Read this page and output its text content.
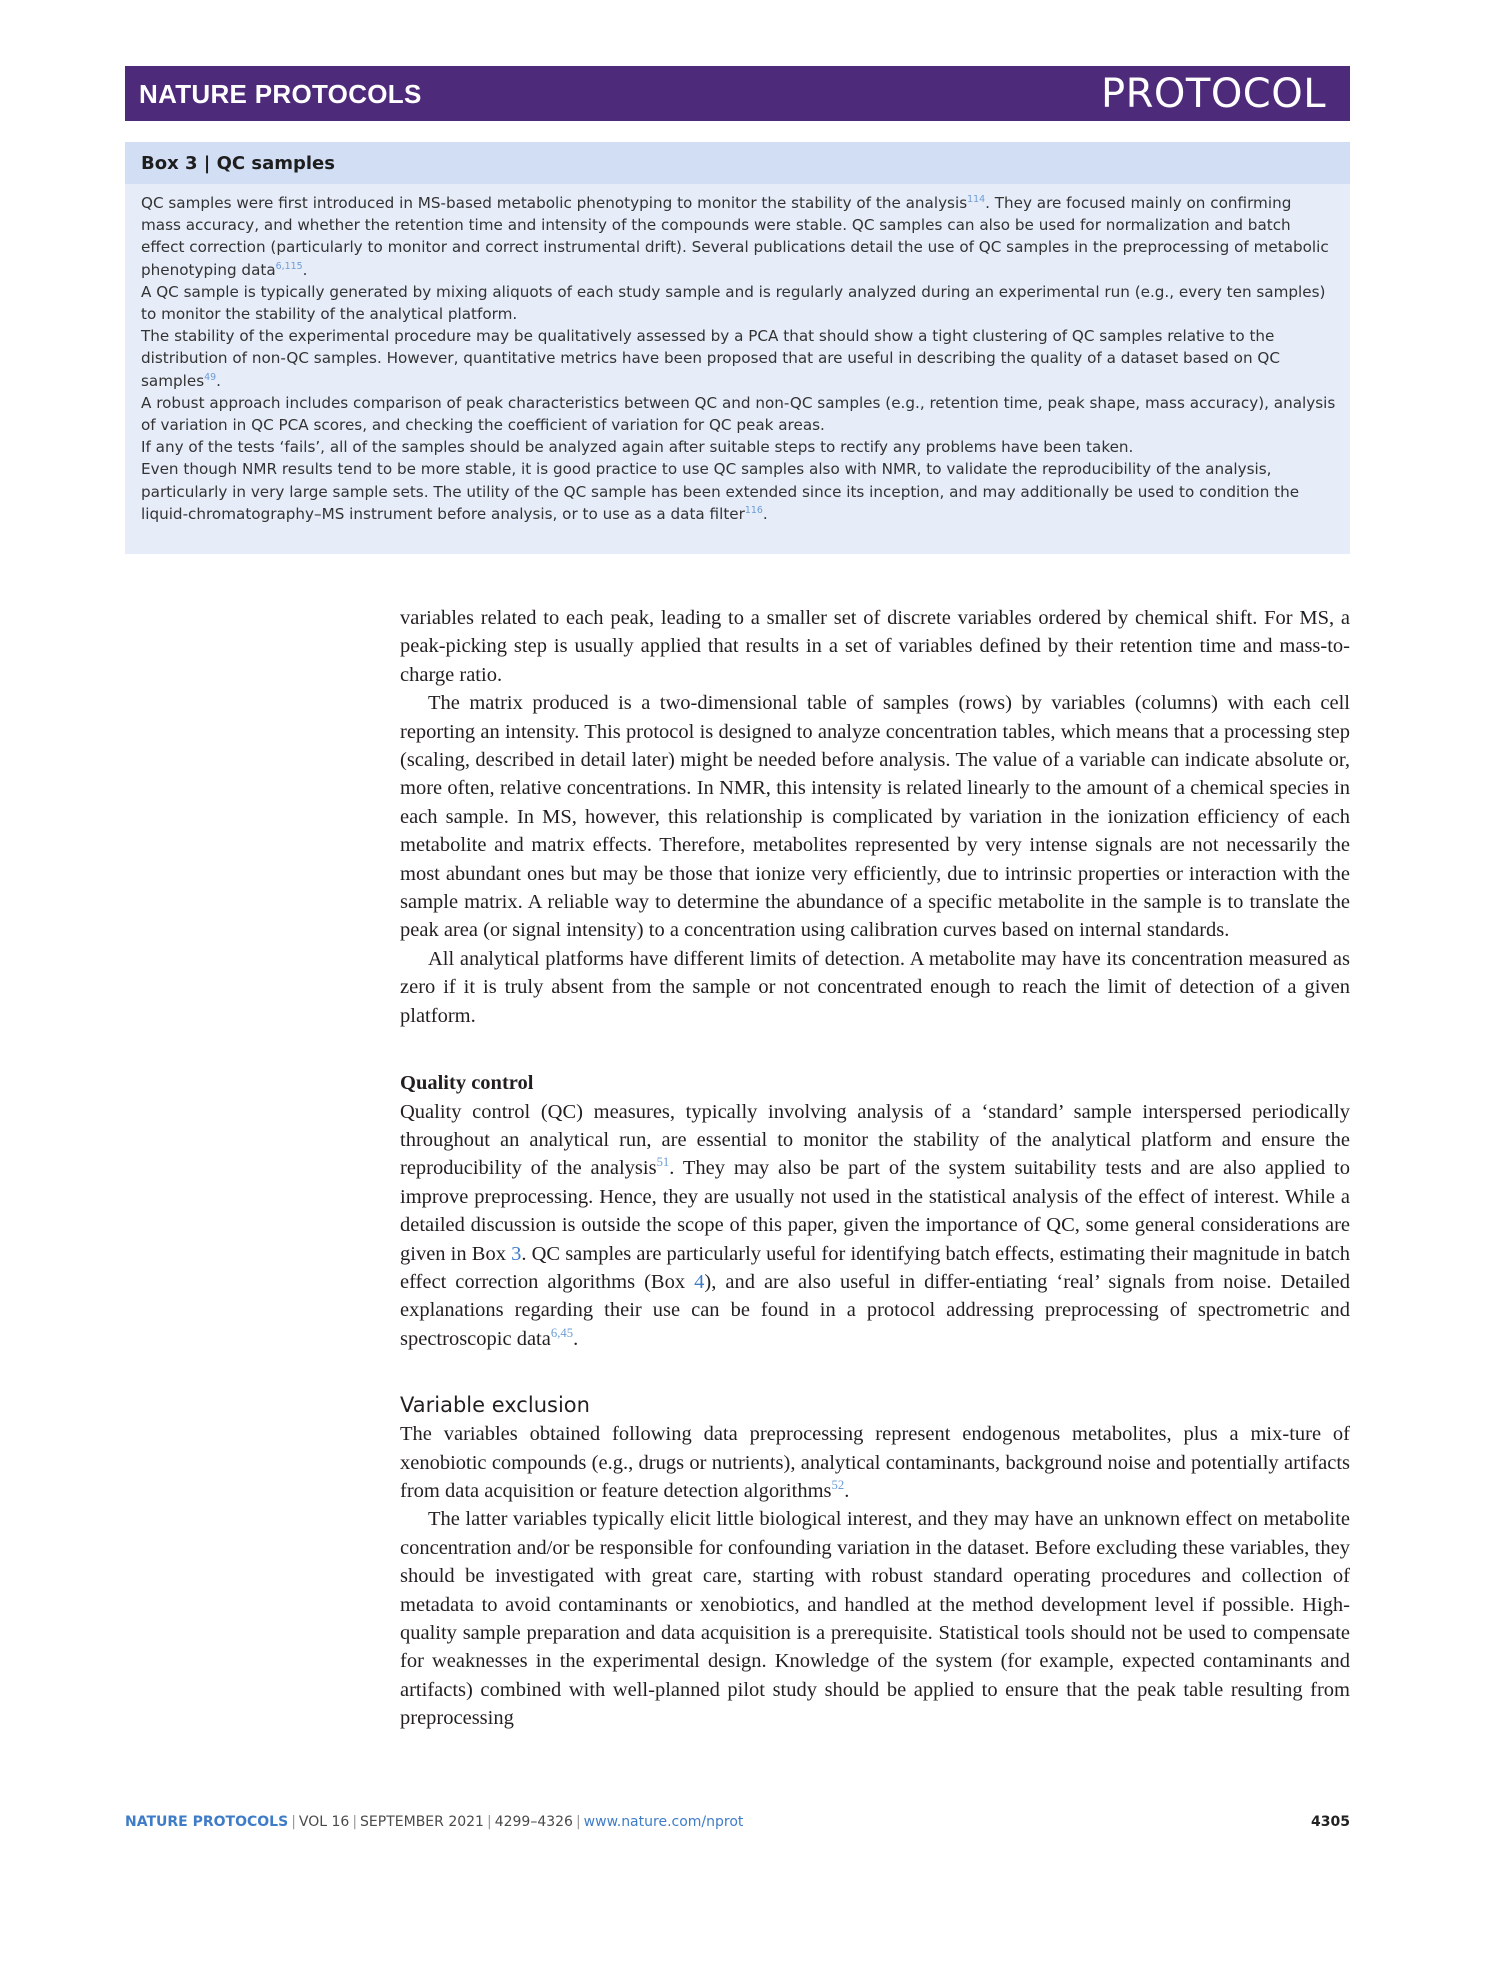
NATURE PROTOCOLS	PROTOCOL
Box 3 | QC samples

QC samples were first introduced in MS-based metabolic phenotyping to monitor the stability of the analysis$^{114}$. They are focused mainly on confirming mass accuracy, and whether the retention time and intensity of the compounds were stable. QC samples can also be used for normalization and batch effect correction (particularly to monitor and correct instrumental drift). Several publications detail the use of QC samples in the preprocessing of metabolic phenotyping data$^{6,115}$.

A QC sample is typically generated by mixing aliquots of each study sample and is regularly analyzed during an experimental run (e.g., every ten samples) to monitor the stability of the analytical platform.

The stability of the experimental procedure may be qualitatively assessed by a PCA that should show a tight clustering of QC samples relative to the distribution of non-QC samples. However, quantitative metrics have been proposed that are useful in describing the quality of a dataset based on QC samples$^{49}$.

A robust approach includes comparison of peak characteristics between QC and non-QC samples (e.g., retention time, peak shape, mass accuracy), analysis of variation in QC PCA scores, and checking the coefficient of variation for QC peak areas.

If any of the tests ‘fails’, all of the samples should be analyzed again after suitable steps to rectify any problems have been taken.

Even though NMR results tend to be more stable, it is good practice to use QC samples also with NMR, to validate the reproducibility of the analysis, particularly in very large sample sets. The utility of the QC sample has been extended since its inception, and may additionally be used to condition the liquid-chromatography–MS instrument before analysis, or to use as a data filter$^{116}$.

variables related to each peak, leading to a smaller set of discrete variables ordered by chemical shift. For MS, a peak-picking step is usually applied that results in a set of variables defined by their retention time and mass-to-charge ratio.

The matrix produced is a two-dimensional table of samples (rows) by variables (columns) with each cell reporting an intensity. This protocol is designed to analyze concentration tables, which means that a processing step (scaling, described in detail later) might be needed before analysis. The value of a variable can indicate absolute or, more often, relative concentrations. In NMR, this intensity is related linearly to the amount of a chemical species in each sample. In MS, however, this relationship is complicated by variation in the ionization efficiency of each metabolite and matrix effects. Therefore, metabolites represented by very intense signals are not necessarily the most abundant ones but may be those that ionize very efficiently, due to intrinsic properties or interaction with the sample matrix. A reliable way to determine the abundance of a specific metabolite in the sample is to translate the peak area (or signal intensity) to a concentration using calibration curves based on internal standards.

All analytical platforms have different limits of detection. A metabolite may have its concentration measured as zero if it is truly absent from the sample or not concentrated enough to reach the limit of detection of a given platform.

Quality control

Quality control (QC) measures, typically involving analysis of a ‘standard’ sample interspersed periodically throughout an analytical run, are essential to monitor the stability of the analytical platform and ensure the reproducibility of the analysis$^{51}$. They may also be part of the system suitability tests and are also applied to improve preprocessing. Hence, they are usually not used in the statistical analysis of the effect of interest. While a detailed discussion is outside the scope of this paper, given the importance of QC, some general considerations are given in Box 3. QC samples are particularly useful for identifying batch effects, estimating their magnitude in batch effect correction algorithms (Box 4), and are also useful in differ-entiating ‘real’ signals from noise. Detailed explanations regarding their use can be found in a protocol addressing preprocessing of spectrometric and spectroscopic data$^{6,45}$.

Variable exclusion

The variables obtained following data preprocessing represent endogenous metabolites, plus a mix-ture of xenobiotic compounds (e.g., drugs or nutrients), analytical contaminants, background noise and potentially artifacts from data acquisition or feature detection algorithms$^{52}$.

The latter variables typically elicit little biological interest, and they may have an unknown effect on metabolite concentration and/or be responsible for confounding variation in the dataset. Before excluding these variables, they should be investigated with great care, starting with robust standard operating procedures and collection of metadata to avoid contaminants or xenobiotics, and handled at the method development level if possible. High-quality sample preparation and data acquisition is a prerequisite. Statistical tools should not be used to compensate for weaknesses in the experimental design. Knowledge of the system (for example, expected contaminants and artifacts) combined with well-planned pilot study should be applied to ensure that the peak table resulting from preprocessing

NATURE PROTOCOLS | VOL 16 | SEPTEMBER 2021 | 4299–4326 | www.nature.com/nprot	4305
